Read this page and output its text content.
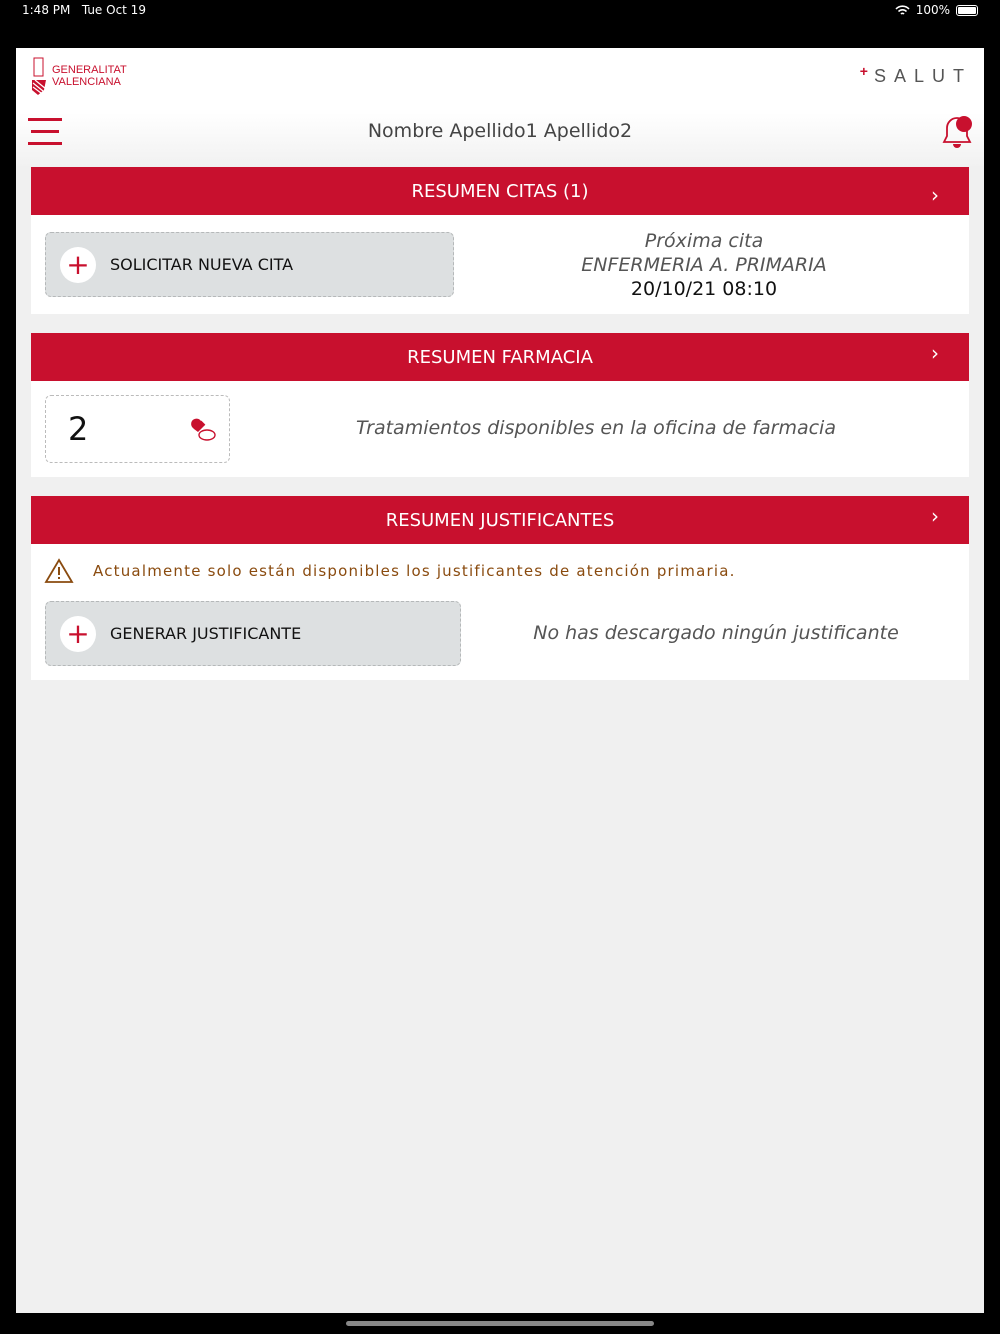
1:48 PM Tue Oct 19	100%
GENERALITAT
VALENCIANA
+ SALUT
Nombre Apellido1 Apellido2
RESUMEN CITAS (1)	›
+	SOLICITAR NUEVA CITA
Próxima cita
ENFERMERIA A. PRIMARIA
20/10/21 08:10
RESUMEN FARMACIA	›
2	Tratamientos disponibles en la oficina de farmacia
RESUMEN JUSTIFICANTES	›
Actualmente solo están disponibles los justificantes de atención primaria.
+	GENERAR JUSTIFICANTE	No has descargado ningún justificante
